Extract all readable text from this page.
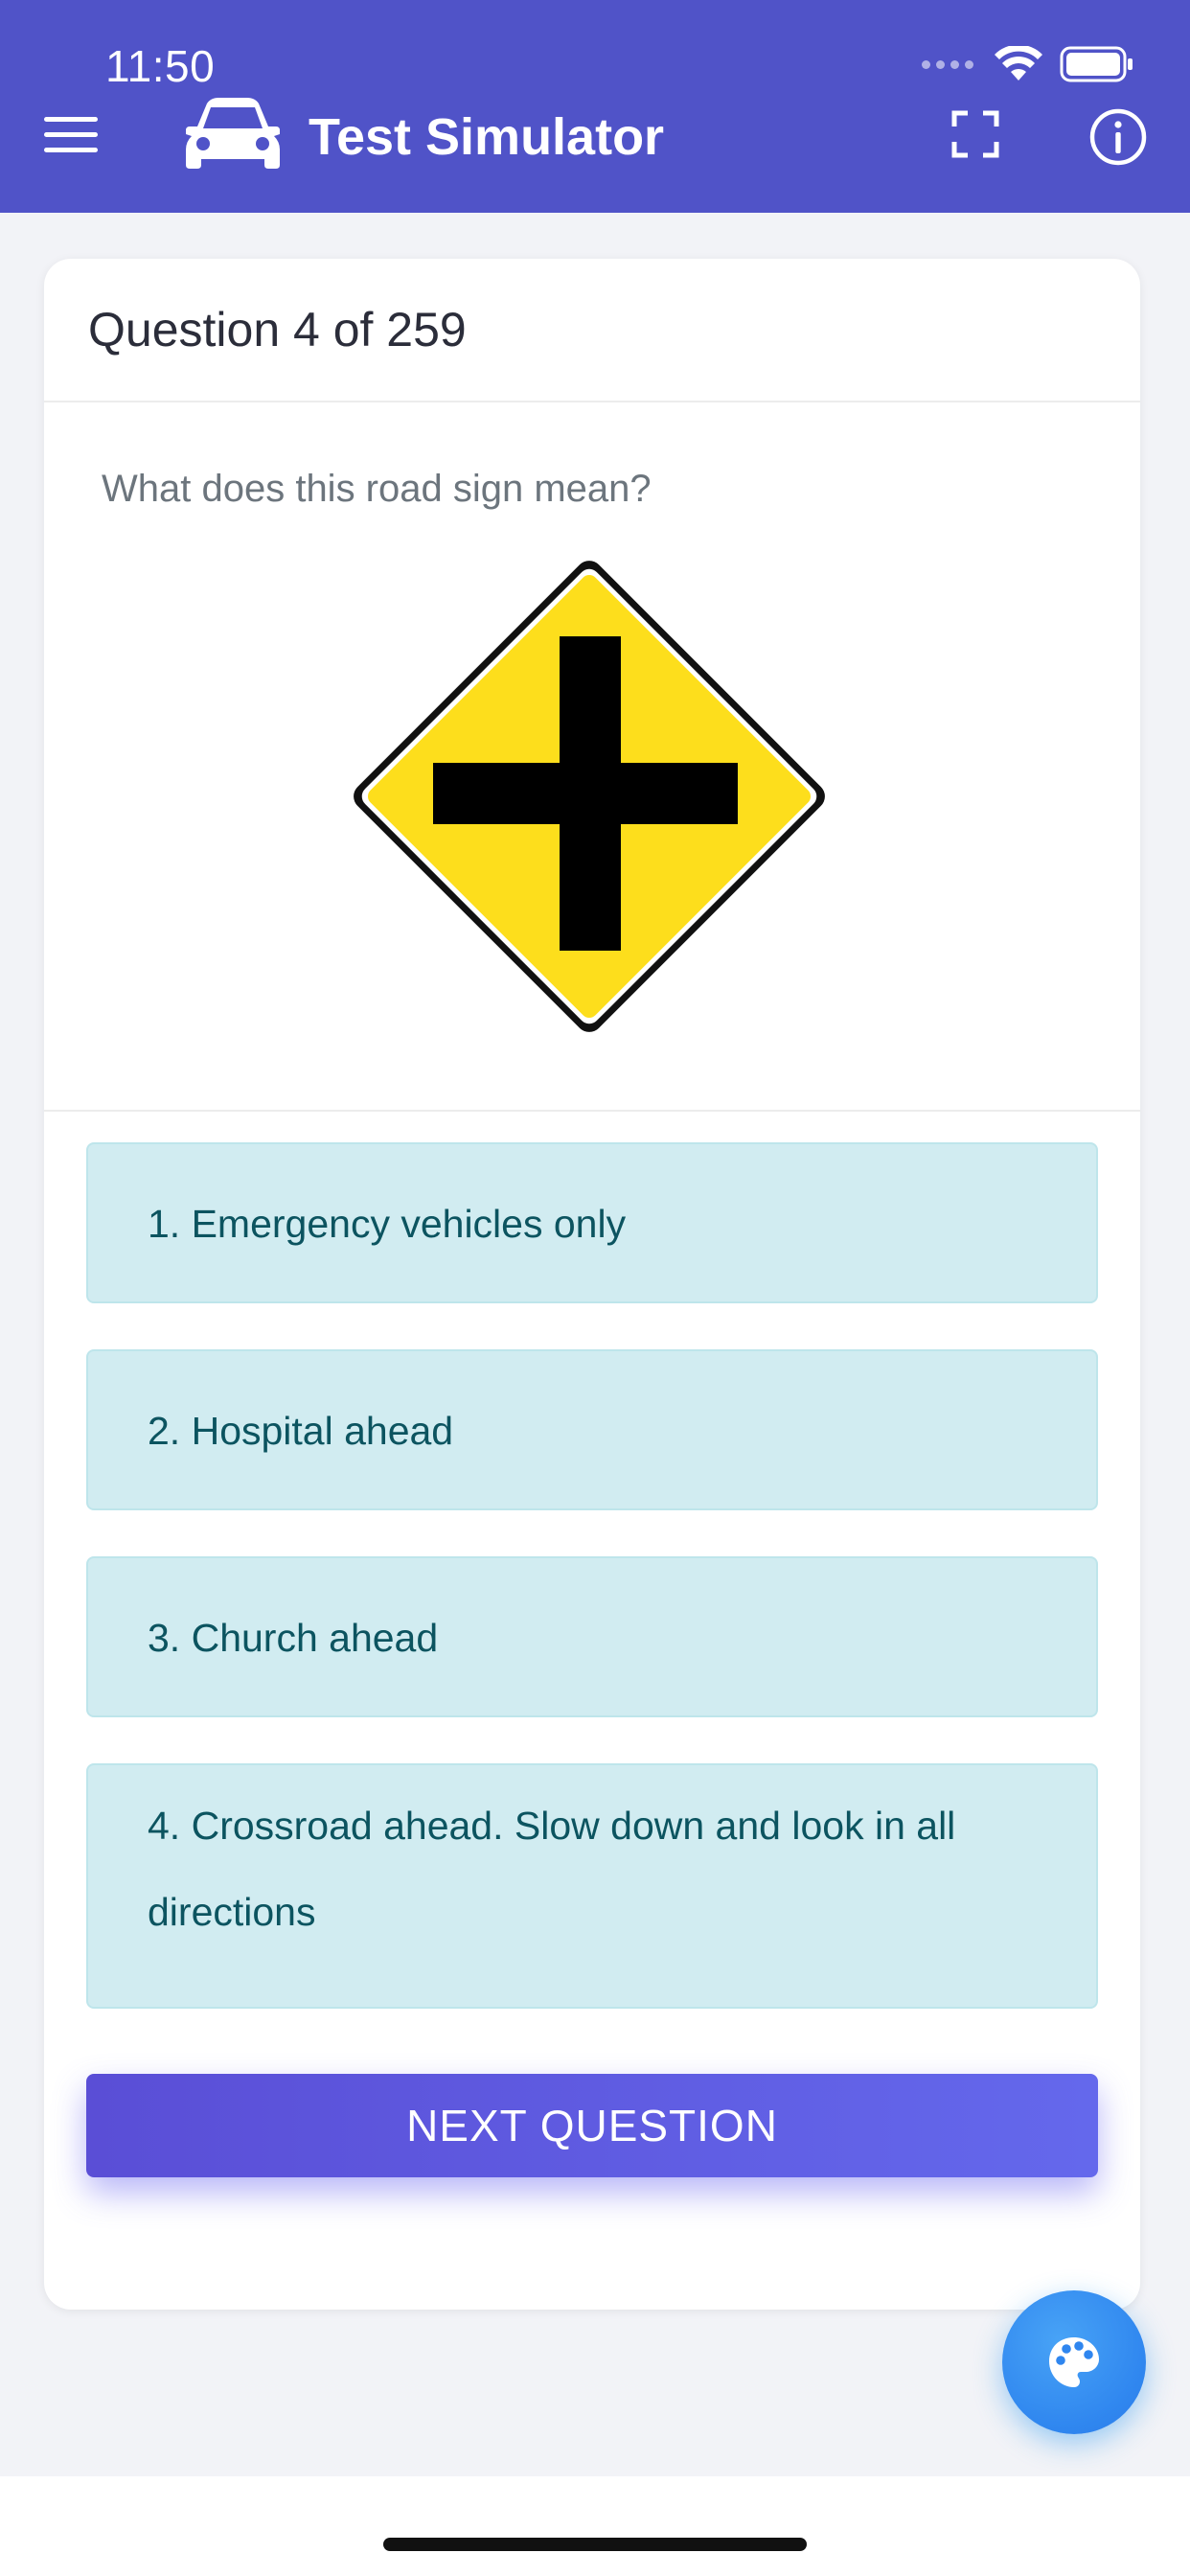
11:50
Test Simulator
Question 4 of 259
What does this road sign mean?
1. Emergency vehicles only
2. Hospital ahead
3. Church ahead
4. Crossroad ahead. Slow down and look in all directions
NEXT QUESTION
